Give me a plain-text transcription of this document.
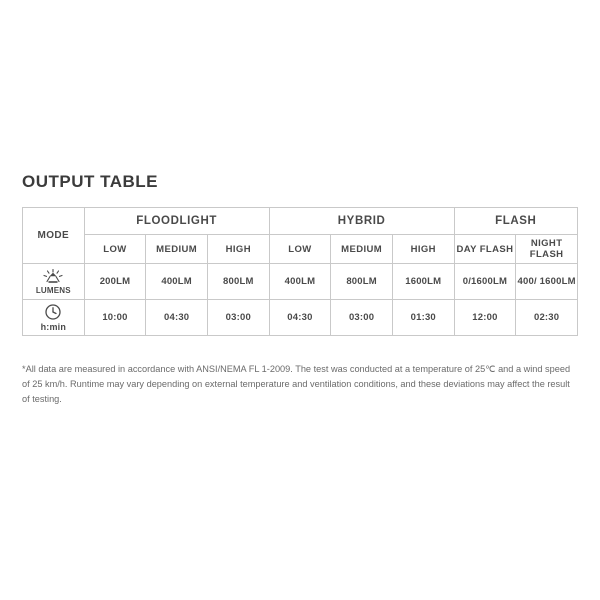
OUTPUT TABLE
MODE	FLOODLIGHT			HYBRID			FLASH	
	LOW	MEDIUM	HIGH	LOW	MEDIUM	HIGH	DAY FLASH	NIGHT FLASH

LUMENS	200LM	400LM	800LM	400LM	800LM	1600LM	0/1600LM	400/ 1600LM

h:min	10:00	04:30	03:00	04:30	03:00	01:30	12:00	02:30
*All data are measured in accordance with ANSI/NEMA FL 1-2009. The test was conducted at a temperature of 25℃ and a wind speed of 25 km/h. Runtime may vary depending on external temperature and ventilation conditions, and these deviations may affect the result of testing.
